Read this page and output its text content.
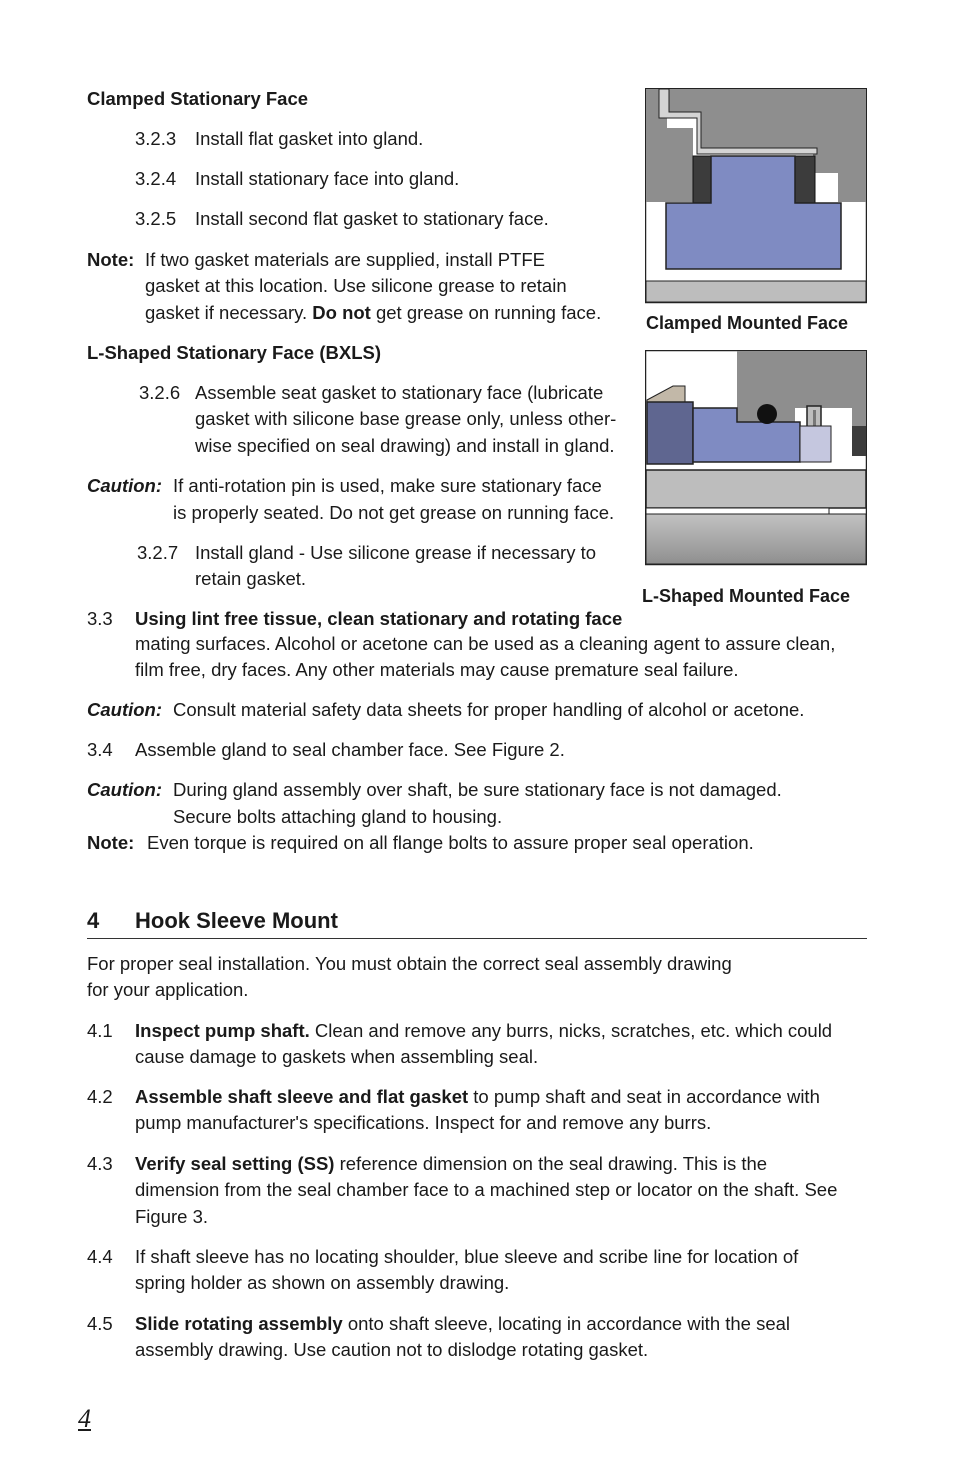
Clamped Stationary Face
3.2.3 Install flat gasket into gland.
3.2.4 Install stationary face into gland.
3.2.5 Install second flat gasket to stationary face.
Note: If two gasket materials are supplied, install PTFE
gasket at this location. Use silicone grease to retain
gasket if necessary. Do not get grease on running face.
L-Shaped Stationary Face (BXLS)
3.2.6 Assemble seat gasket to stationary face (lubricate
gasket with silicone base grease only, unless other-
wise specified on seal drawing) and install in gland.
Caution: If anti-rotation pin is used, make sure stationary face
is properly seated. Do not get grease on running face.
3.2.7 Install gland - Use silicone grease if necessary to
retain gasket.
Clamped Mounted Face
L-Shaped Mounted Face
3.3 Using lint free tissue, clean stationary and rotating face
mating surfaces. Alcohol or acetone can be used as a cleaning agent to assure clean,
film free, dry faces. Any other materials may cause premature seal failure.
Caution: Consult material safety data sheets for proper handling of alcohol or acetone.
3.4 Assemble gland to seal chamber face. See Figure 2.
Caution: During gland assembly over shaft, be sure stationary face is not damaged.
Secure bolts attaching gland to housing.
Note: Even torque is required on all flange bolts to assure proper seal operation.
4 Hook Sleeve Mount
For proper seal installation. You must obtain the correct seal assembly drawing
for your application.
4.1 Inspect pump shaft. Clean and remove any burrs, nicks, scratches, etc. which could
cause damage to gaskets when assembling seal.
4.2 Assemble shaft sleeve and flat gasket to pump shaft and seat in accordance with
pump manufacturer's specifications. Inspect for and remove any burrs.
4.3 Verify seal setting (SS) reference dimension on the seal drawing. This is the
dimension from the seal chamber face to a machined step or locator on the shaft. See
Figure 3.
4.4 If shaft sleeve has no locating shoulder, blue sleeve and scribe line for location of
spring holder as shown on assembly drawing.
4.5 Slide rotating assembly onto shaft sleeve, locating in accordance with the seal
assembly drawing. Use caution not to dislodge rotating gasket.
4
